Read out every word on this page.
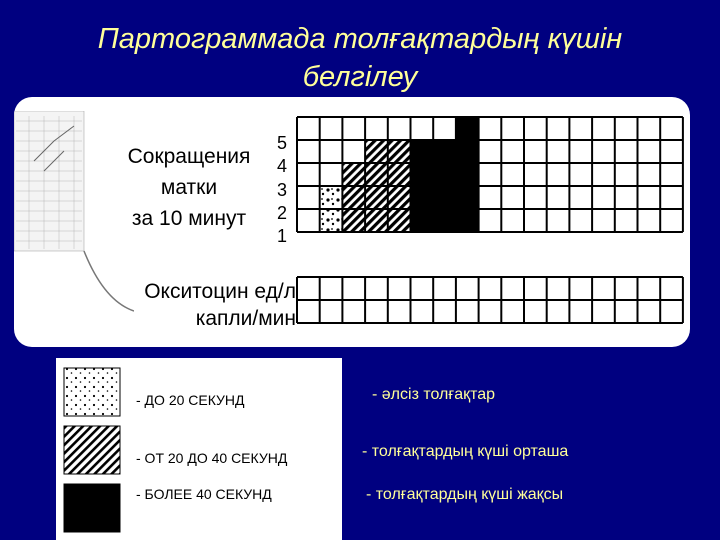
Партограммада толғақтардың күшін
белгілеу
Сокращения
матки
за 10 минут
5
4
3
2
1
Окситоцин ед/л
капли/мин
- ДО 20 СЕКУНД
- ОТ 20 ДО 40 СЕКУНД
- БОЛЕЕ 40 СЕКУНД
- әлсіз толғақтар
- толғақтардың күші орташа
- толғақтардың күші жақсы
